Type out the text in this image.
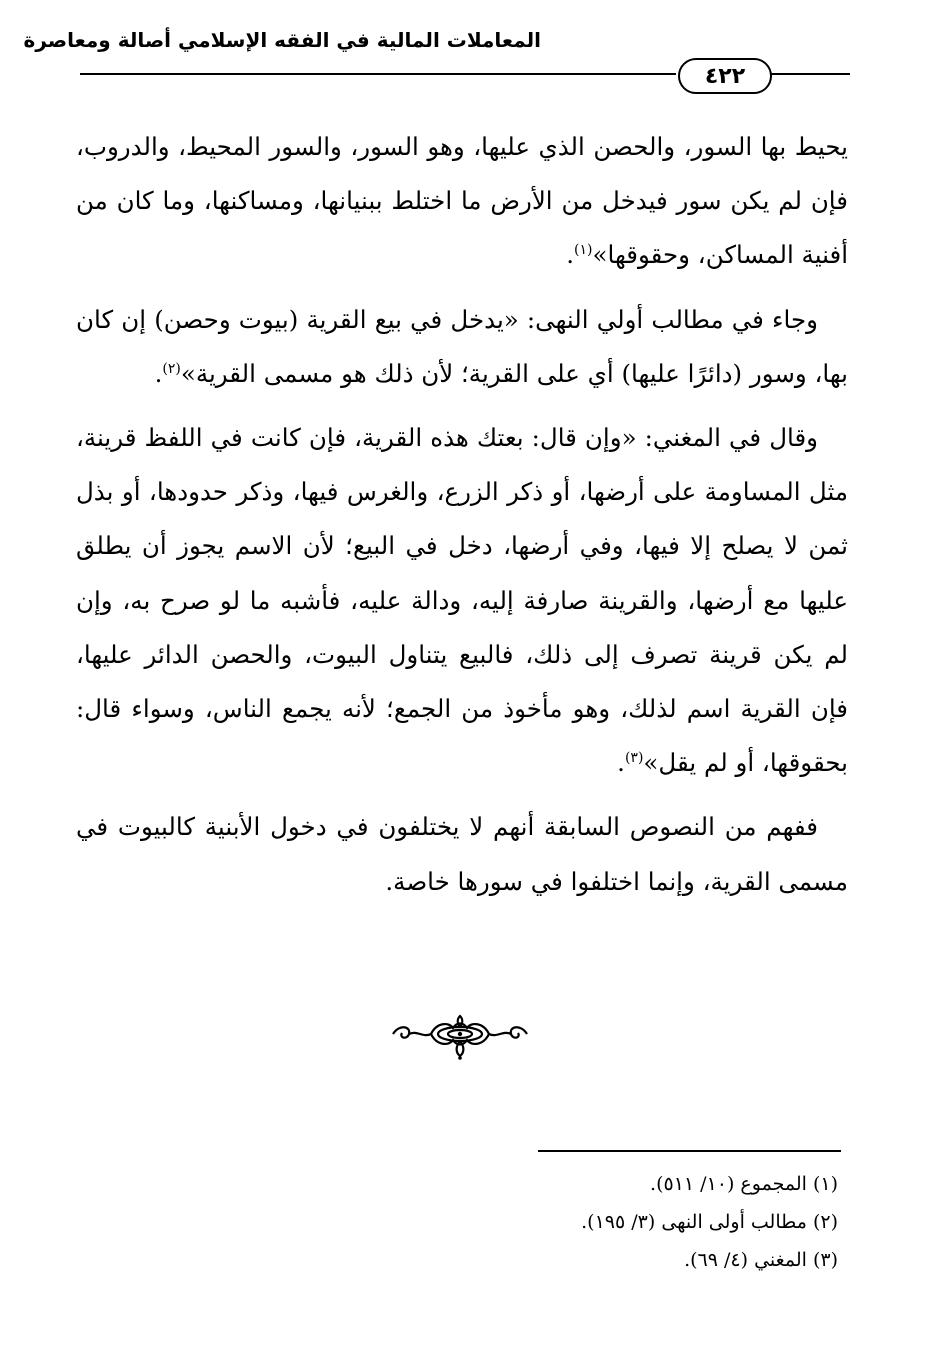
المعاملات المالية في الفقه الإسلامي أصالة ومعاصرة
٤٢٢

يحيط بها السور، والحصن الذي عليها، وهو السور، والسور المحيط، والدروب، فإن لم يكن سور فيدخل من الأرض ما اختلط ببنيانها، ومساكنها، وما كان من أفنية المساكن، وحقوقها»$^{(١)}$.

وجاء في مطالب أولي النهى: «يدخل في بيع القرية (بيوت وحصن) إن كان بها، وسور (دائرًا عليها) أي على القرية؛ لأن ذلك هو مسمى القرية»$^{(٢)}$.

وقال في المغني: «وإن قال: بعتك هذه القرية، فإن كانت في اللفظ قرينة، مثل المساومة على أرضها، أو ذكر الزرع، والغرس فيها، وذكر حدودها، أو بذل ثمن لا يصلح إلا فيها، وفي أرضها، دخل في البيع؛ لأن الاسم يجوز أن يطلق عليها مع أرضها، والقرينة صارفة إليه، ودالة عليه، فأشبه ما لو صرح به، وإن لم يكن قرينة تصرف إلى ذلك، فالبيع يتناول البيوت، والحصن الدائر عليها، فإن القرية اسم لذلك، وهو مأخوذ من الجمع؛ لأنه يجمع الناس، وسواء قال: بحقوقها، أو لم يقل»$^{(٣)}$.

ففهم من النصوص السابقة أنهم لا يختلفون في دخول الأبنية كالبيوت في مسمى القرية، وإنما اختلفوا في سورها خاصة.

(١) المجموع (١٠/ ٥١١).
(٢) مطالب أولى النهى (٣/ ١٩٥).
(٣) المغني (٤/ ٦٩).
